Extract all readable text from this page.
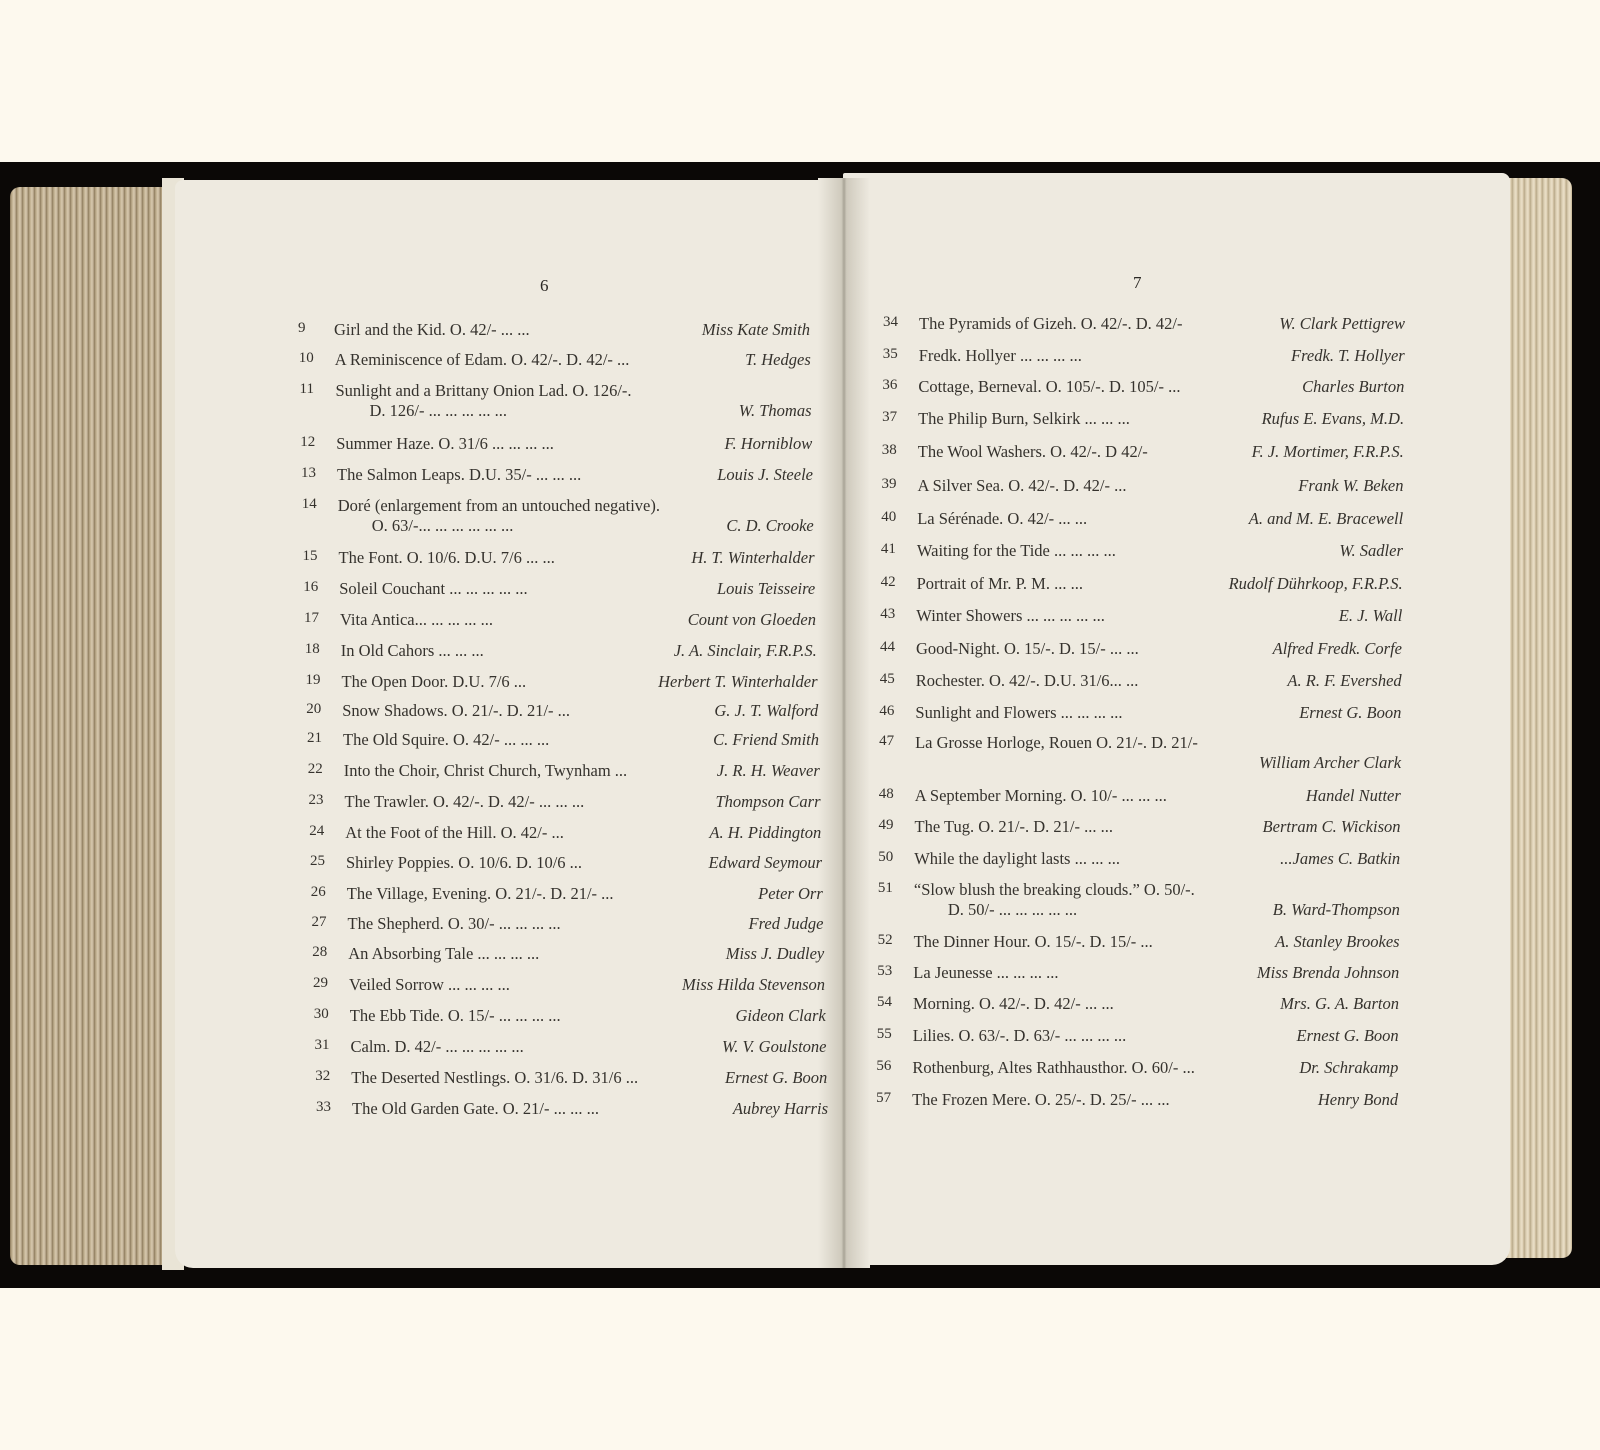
6	7
9	Girl and the Kid. O. 42/- ... ...	Miss Kate Smith
10	A Reminiscence of Edam. O. 42/-. D. 42/- ...	T. Hedges
11	Sunlight and a Brittany Onion Lad. O. 126/-.
D. 126/- ... ... ... ... ...	W. Thomas
12	Summer Haze. O. 31/6 ... ... ... ...	F. Horniblow
13	The Salmon Leaps. D.U. 35/- ... ... ...	Louis J. Steele
14	Doré (enlargement from an untouched negative).
O. 63/-... ... ... ... ... ...	C. D. Crooke
15	The Font. O. 10/6. D.U. 7/6 ... ...	H. T. Winterhalder
16	Soleil Couchant ... ... ... ... ...	Louis Teisseire
17	Vita Antica... ... ... ... ...	Count von Gloeden
18	In Old Cahors ... ... ...	J. A. Sinclair, F.R.P.S.
19	The Open Door. D.U. 7/6 ...	Herbert T. Winterhalder
20	Snow Shadows. O. 21/-. D. 21/- ...	G. J. T. Walford
21	The Old Squire. O. 42/- ... ... ...	C. Friend Smith
22	Into the Choir, Christ Church, Twynham ...	J. R. H. Weaver
23	The Trawler. O. 42/-. D. 42/- ... ... ...	Thompson Carr
24	At the Foot of the Hill. O. 42/- ...	A. H. Piddington
25	Shirley Poppies. O. 10/6. D. 10/6 ...	Edward Seymour
26	The Village, Evening. O. 21/-. D. 21/- ...	Peter Orr
27	The Shepherd. O. 30/- ... ... ... ...	Fred Judge
28	An Absorbing Tale ... ... ... ...	Miss J. Dudley
29	Veiled Sorrow ... ... ... ...	Miss Hilda Stevenson
30	The Ebb Tide. O. 15/- ... ... ... ...	Gideon Clark
31	Calm. D. 42/- ... ... ... ... ...	W. V. Goulstone
32	The Deserted Nestlings. O. 31/6. D. 31/6 ...	Ernest G. Boon
33	The Old Garden Gate. O. 21/- ... ... ...	Aubrey Harris
34	The Pyramids of Gizeh. O. 42/-. D. 42/-	W. Clark Pettigrew
35	Fredk. Hollyer ... ... ... ...	Fredk. T. Hollyer
36	Cottage, Berneval. O. 105/-. D. 105/- ...	Charles Burton
37	The Philip Burn, Selkirk ... ... ...	Rufus E. Evans, M.D.
38	The Wool Washers. O. 42/-. D 42/-	F. J. Mortimer, F.R.P.S.
39	A Silver Sea. O. 42/-. D. 42/- ...	Frank W. Beken
40	La Sérénade. O. 42/- ... ...	A. and M. E. Bracewell
41	Waiting for the Tide ... ... ... ...	W. Sadler
42	Portrait of Mr. P. M. ... ...	Rudolf Dührkoop, F.R.P.S.
43	Winter Showers ... ... ... ... ...	E. J. Wall
44	Good-Night. O. 15/-. D. 15/- ... ...	Alfred Fredk. Corfe
45	Rochester. O. 42/-. D.U. 31/6... ...	A. R. F. Evershed
46	Sunlight and Flowers ... ... ... ...	Ernest G. Boon
47	La Grosse Horloge, Rouen O. 21/-. D. 21/-
William Archer Clark
48	A September Morning. O. 10/- ... ... ...	Handel Nutter
49	The Tug. O. 21/-. D. 21/- ... ...	Bertram C. Wickison
50	While the daylight lasts ... ... ...	...James C. Batkin
51	“Slow blush the breaking clouds.” O. 50/-.
D. 50/- ... ... ... ... ...	B. Ward-Thompson
52	The Dinner Hour. O. 15/-. D. 15/- ...	A. Stanley Brookes
53	La Jeunesse ... ... ... ...	Miss Brenda Johnson
54	Morning. O. 42/-. D. 42/- ... ...	Mrs. G. A. Barton
55	Lilies. O. 63/-. D. 63/- ... ... ... ...	Ernest G. Boon
56	Rothenburg, Altes Rathhausthor. O. 60/- ...	Dr. Schrakamp
57	The Frozen Mere. O. 25/-. D. 25/- ... ...	Henry Bond
